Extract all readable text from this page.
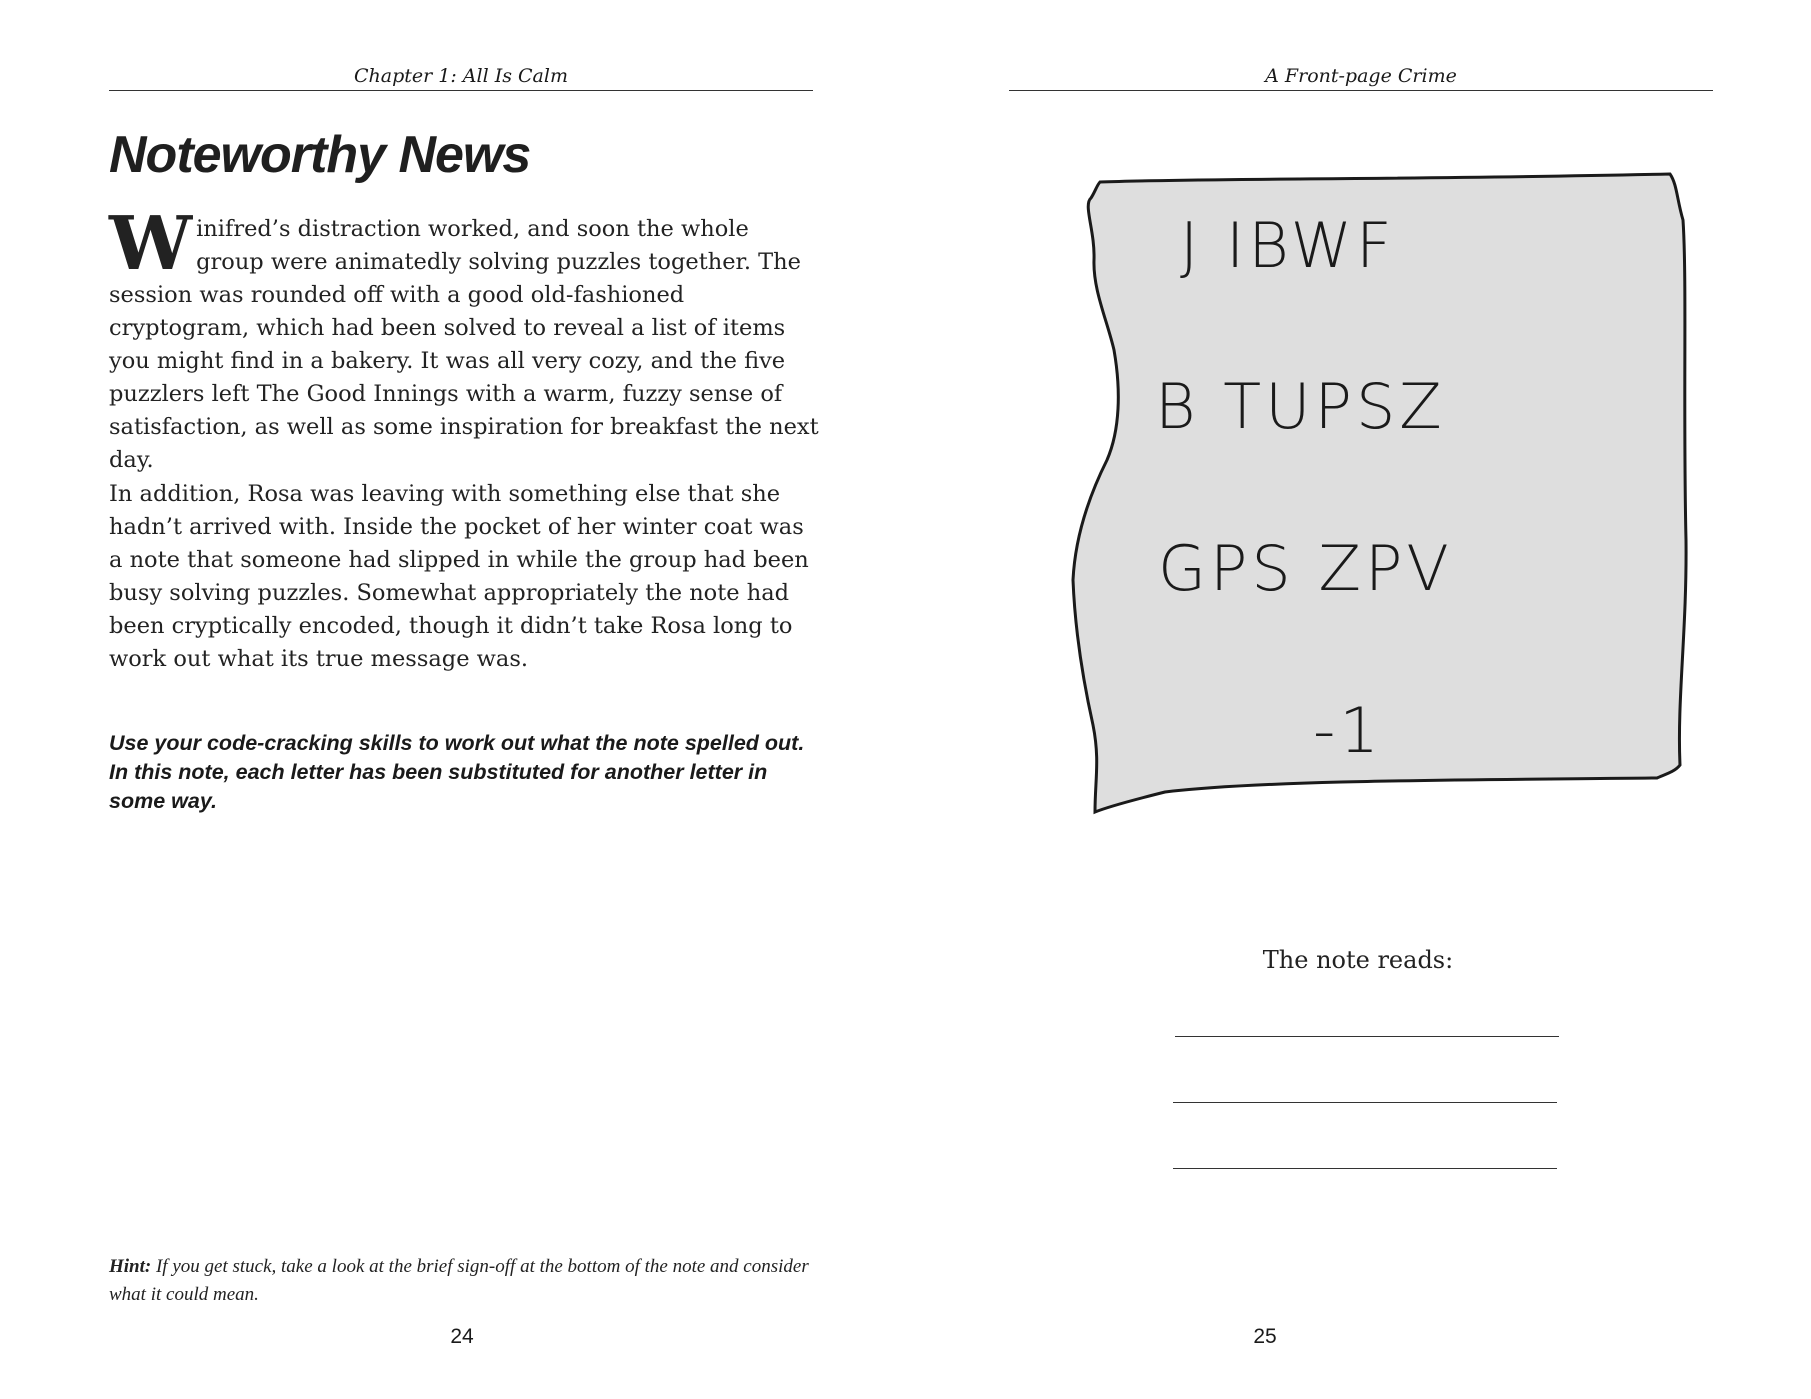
Chapter 1: All Is Calm
Noteworthy News

Winifred’s distraction worked, and soon the whole group were animatedly solving puzzles together. The session was rounded off with a good old-fashioned cryptogram, which had been solved to reveal a list of items you might find in a bakery. It was all very cozy, and the five puzzlers left The Good Innings with a warm, fuzzy sense of satisfaction, as well as some inspiration for breakfast the next day.

In addition, Rosa was leaving with something else that she hadn’t arrived with. Inside the pocket of her winter coat was a note that someone had slipped in while the group had been busy solving puzzles. Somewhat appropriately the note had been cryptically encoded, though it didn’t take Rosa long to work out what its true message was.

Use your code-cracking skills to work out what the note spelled out. In this note, each letter has been substituted for another letter in some way.

Hint: If you get stuck, take a look at the brief sign-off at the bottom of the note and consider what it could mean.

24
A Front-page Crime
J IBWF
B TUPSZ
GPS ZPV
-1
The note reads:
25
